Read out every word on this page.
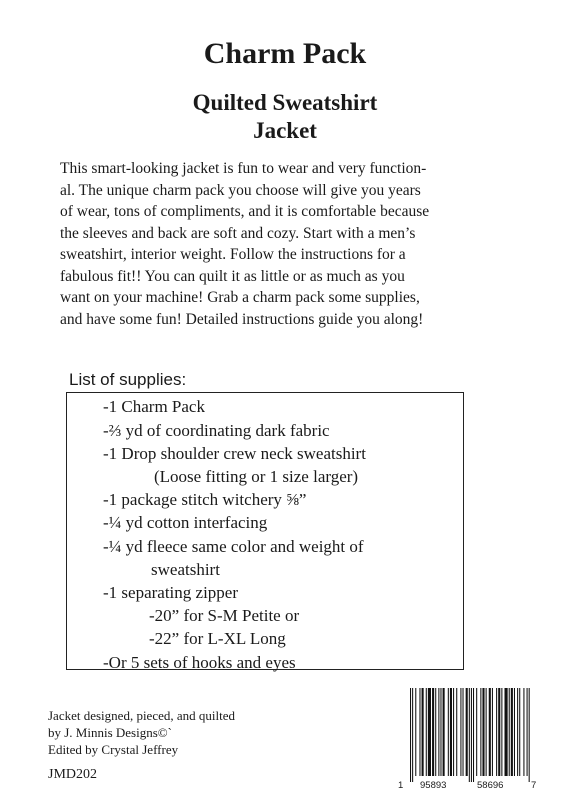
Charm Pack
Quilted Sweatshirt
Jacket
This smart-looking jacket is fun to wear and very function-
al. The unique charm pack you choose will give you years
of wear, tons of compliments, and it is comfortable because
the sleeves and back are soft and cozy. Start with a men’s
sweatshirt, interior weight. Follow the instructions for a
fabulous fit!! You can quilt it as little or as much as you
want on your machine! Grab a charm pack some supplies,
and have some fun! Detailed instructions guide you along!
List of supplies:
-1 Charm Pack
-⅔ yd of coordinating dark fabric
-1 Drop shoulder crew neck sweatshirt
(Loose fitting or 1 size larger)
-1 package stitch witchery ⅝”
-¼ yd cotton interfacing
-¼ yd fleece same color and weight of
sweatshirt
-1 separating zipper
-20” for S-M Petite or
-22” for L-XL Long
-Or 5 sets of hooks and eyes
Jacket designed, pieced, and quilted
by J. Minnis Designs©`
Edited by Crystal Jeffrey
JMD202
1 95893	58696	7
